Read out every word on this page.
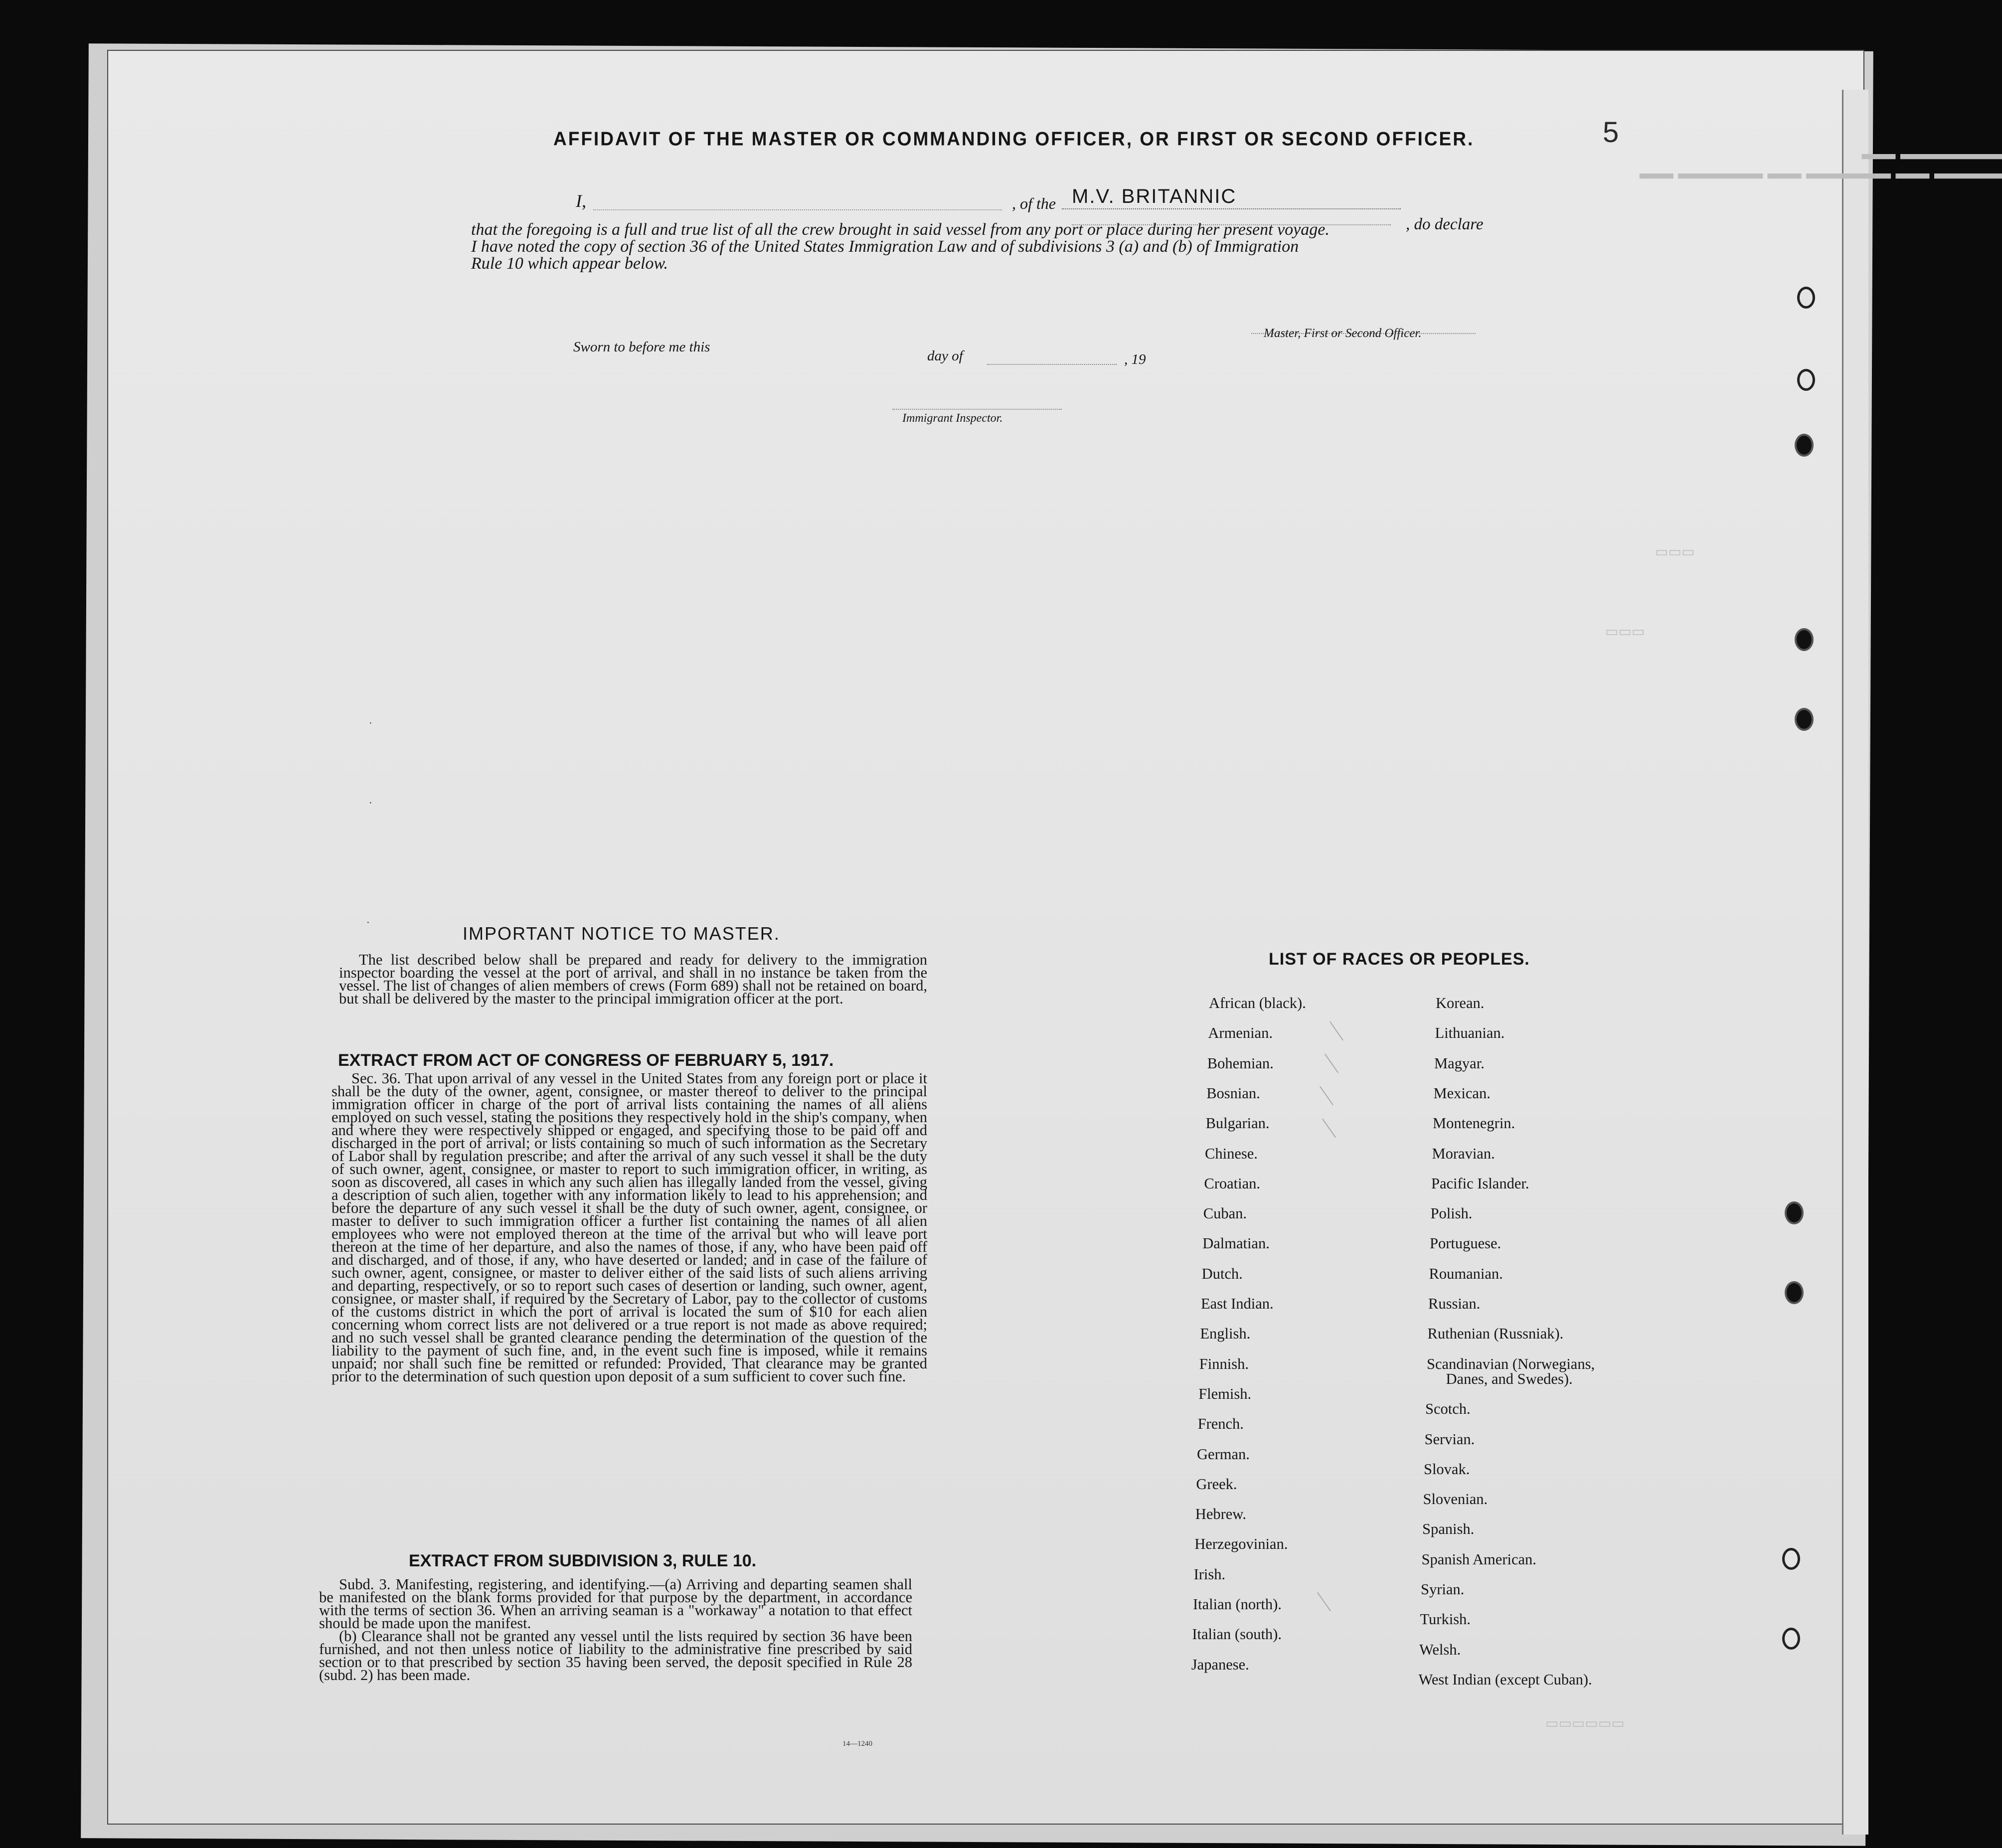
▬▬▬▬ ▬▬ ▬▬▬▬▬ ▬▬ ▬▬▬▬▬ ▬▬ ▬▬▬▬▬▬ ▬▬
▭▭▭
▭▭▭
▭▭▭▭▭▭
5
AFFIDAVIT OF THE MASTER OR COMMANDING OFFICER, OR FIRST OR SECOND OFFICER.
I,	, of the M.V. BRITANNIC
, do declare
that the foregoing is a full and true list of all the crew brought in said vessel from any port or place during her present voyage.
I have noted the copy of section 36 of the United States Immigration Law and of subdivisions 3 (a) and (b) of Immigration
Rule 10 which appear below.
Master, First or Second Officer.
Sworn to before me this
day of	, 19
Immigrant Inspector.
·
·
·
IMPORTANT NOTICE TO MASTER.
The list described below shall be prepared and ready for delivery to the immigration inspector boarding the vessel at the port of arrival, and shall in no instance be taken from the vessel. The list of changes of alien members of crews (Form 689) shall not be retained on board, but shall be delivered by the master to the principal immigration officer at the port.
EXTRACT FROM ACT OF CONGRESS OF FEBRUARY 5, 1917.
Sec. 36. That upon arrival of any vessel in the United States from any foreign port or place it shall be the duty of the owner, agent, consignee, or master thereof to deliver to the principal immigration officer in charge of the port of arrival lists containing the names of all aliens employed on such vessel, stating the positions they respectively hold in the ship's company, when and where they were respectively shipped or engaged, and specifying those to be paid off and discharged in the port of arrival; or lists containing so much of such information as the Secretary of Labor shall by regulation prescribe; and after the arrival of any such vessel it shall be the duty of such owner, agent, consignee, or master to report to such immigration officer, in writing, as soon as discovered, all cases in which any such alien has illegally landed from the vessel, giving a description of such alien, together with any information likely to lead to his apprehension; and before the departure of any such vessel it shall be the duty of such owner, agent, consignee, or master to deliver to such immigration officer a further list containing the names of all alien employees who were not employed thereon at the time of the arrival but who will leave port thereon at the time of her departure, and also the names of those, if any, who have been paid off and discharged, and of those, if any, who have deserted or landed; and in case of the failure of such owner, agent, consignee, or master to deliver either of the said lists of such aliens arriving and departing, respectively, or so to report such cases of desertion or landing, such owner, agent, consignee, or master shall, if required by the Secretary of Labor, pay to the collector of customs of the customs district in which the port of arrival is located the sum of $10 for each alien concerning whom correct lists are not delivered or a true report is not made as above required; and no such vessel shall be granted clearance pending the determination of the question of the liability to the payment of such fine, and, in the event such fine is imposed, while it remains unpaid; nor shall such fine be remitted or refunded: Provided, That clearance may be granted prior to the determination of such question upon deposit of a sum sufficient to cover such fine.
EXTRACT FROM SUBDIVISION 3, RULE 10.
Subd. 3. Manifesting, registering, and identifying.—(a) Arriving and departing seamen shall be manifested on the blank forms provided for that purpose by the department, in accordance with the terms of section 36. When an arriving seaman is a "workaway" a notation to that effect should be made upon the manifest.
(b) Clearance shall not be granted any vessel until the lists required by section 36 have been furnished, and not then unless notice of liability to the administrative fine prescribed by said section or to that prescribed by section 35 having been served, the deposit specified in Rule 28 (subd. 2) has been made.
14—1240
LIST OF RACES OR PEOPLES.
African (black).
Armenian.
Bohemian.
Bosnian.
Bulgarian.
Chinese.
Croatian.
Cuban.
Dalmatian.
Dutch.
East Indian.
English.
Finnish.
Flemish.
French.
German.
Greek.
Hebrew.
Herzegovinian.
Irish.
Italian (north).
Italian (south).
Japanese.
Korean.
Lithuanian.
Magyar.
Mexican.
Montenegrin.
Moravian.
Pacific Islander.
Polish.
Portuguese.
Roumanian.
Russian.
Ruthenian (Russniak).
Scandinavian (Norwegians,
Danes, and Swedes).
Scotch.
Servian.
Slovak.
Slovenian.
Spanish.
Spanish American.
Syrian.
Turkish.
Welsh.
West Indian (except Cuban).
